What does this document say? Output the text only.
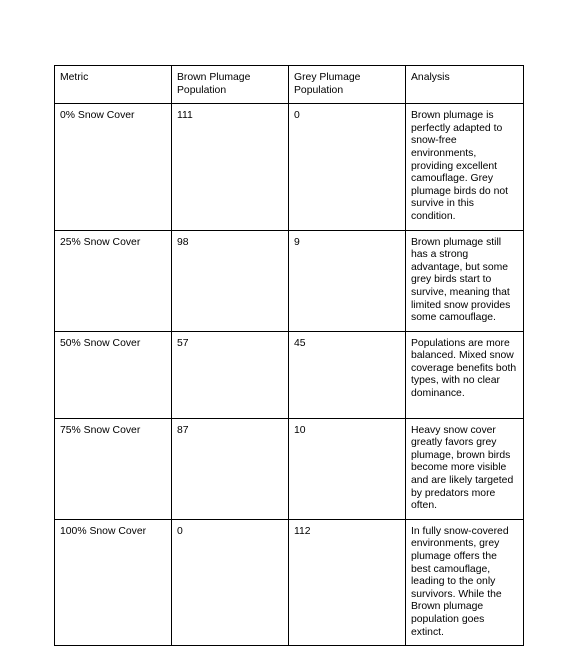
Metric	Brown Plumage Population	Grey Plumage Population	Analysis
0% Snow Cover	111	0	Brown plumage is perfectly adapted to snow-free environments, providing excellent camouflage. Grey plumage birds do not survive in this condition.
25% Snow Cover	98	9	Brown plumage still has a strong advantage, but some grey birds start to survive, meaning that limited snow provides some camouflage.
50% Snow Cover	57	45	Populations are more balanced. Mixed snow coverage benefits both types, with no clear dominance.
75% Snow Cover	87	10	Heavy snow cover greatly favors grey plumage, brown birds become more visible and are likely targeted by predators more often.
100% Snow Cover	0	112	In fully snow-covered environments, grey plumage offers the best camouflage, leading to the only survivors. While the Brown plumage population goes extinct.
